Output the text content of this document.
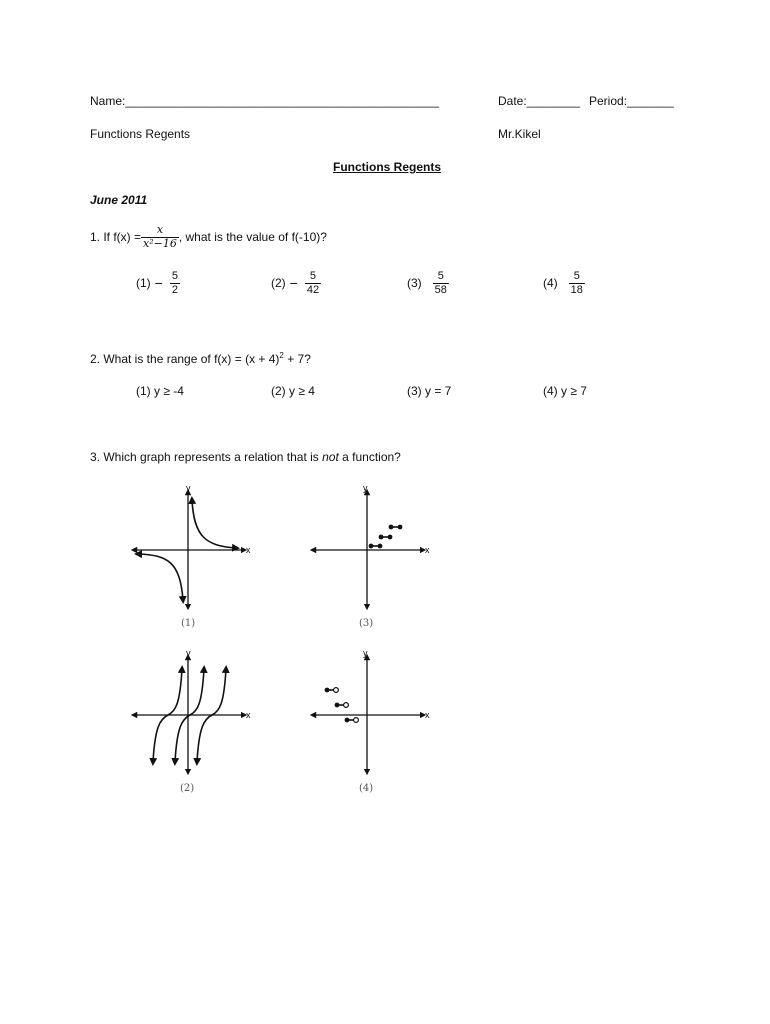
Name:_______________________________________________	Date:________ Period:_______
Functions Regents	Mr.Kikel
Functions Regents
June 2011
1. If $f(x) = \frac{x}{\text{x²−16}}$ , what is the value of f(-10)?
$(1) - \frac{5}{2}$	$(2) - \frac{5}{42}$	$(3) \frac{5}{58}$	$(4) \frac{5}{18}$
2. What is the range of $f(x) = (x + 4)^2 + 7$?
(1) y ≥ -4	(2) y ≥ 4	(3) y = 7	(4) y ≥ 7
3. Which graph represents a relation that is not a function?
y
x
(1)
y
x
(3)
y
x
(2)
y
x
(4)
